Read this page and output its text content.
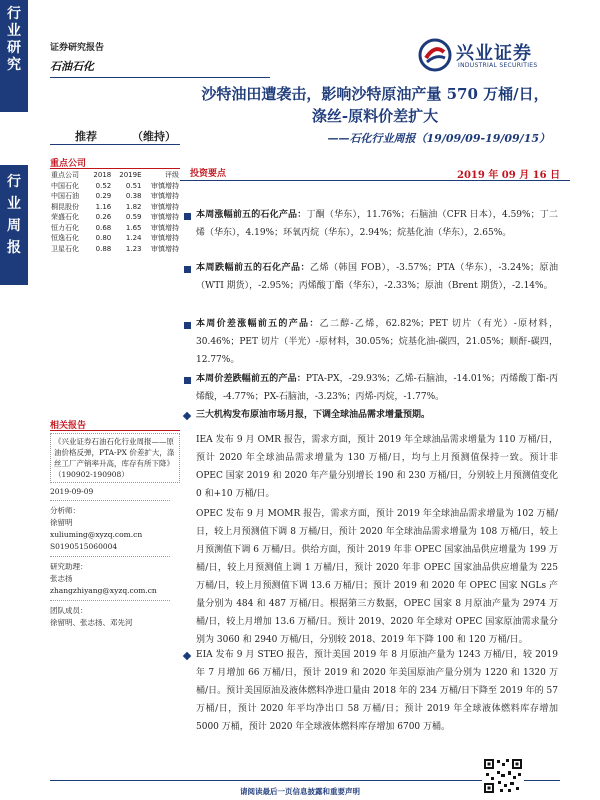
行
业
研
究
行
业
周
报
证券研究报告
石油石化
兴业证券
INDUSTRIAL SECURITIES
沙特油田遭袭击，影响沙特原油产量 570 万桶/日，
涤丝-原料价差扩大
——石化行业周报（19/09/09-19/09/15）
推荐	（维持）
2019 年 09 月 16 日
重点公司
重点公司	2018	2019E	评级
中国石化	0.52	0.51	审慎增持
中国石油	0.29	0.38	审慎增持
桐昆股份	1.16	1.82	审慎增持
荣盛石化	0.26	0.59	审慎增持
恒力石化	0.68	1.65	审慎增持
恒逸石化	0.80	1.24	审慎增持
卫星石化	0.88	1.23	审慎增持
相关报告
《兴业证券石油石化行业周报——原油价格反弹，PTA-PX 价差扩大，涤丝工厂产销率升高，库存有所下降》（190902-190908）
2019-09-09
分析师：
徐留明
xuliuming@xyzq.com.cn
S0190515060004
研究助理：
张志扬
zhangzhiyang@xyzq.com.cn
团队成员：
徐留明、张志扬、邓先河
投资要点
本周涨幅前五的石化产品：丁酮（华东），11.76%；石脑油（CFR 日本），4.59%；丁二烯（华东），4.19%；环氧丙烷（华东），2.94%；烷基化油（华东），2.65%。
本周跌幅前五的石化产品：乙烯（韩国 FOB），-3.57%；PTA（华东），-3.24%；原油（WTI 期货），-2.95%；丙烯酸丁酯（华东），-2.33%；原油（Brent 期货），-2.14%。
本周价差涨幅前五的产品：乙二醇-乙烯，62.82%；PET 切片（有光）-原材料，30.46%；PET 切片（半光）-原材料，30.05%；烷基化油-碳四，21.05%；顺酐-碳四，12.77%。
本周价差跌幅前五的产品：PTA-PX，-29.93%；乙烯-石脑油，-14.01%；丙烯酸丁酯-丙烯酸，-4.77%；PX-石脑油，-3.23%；丙烯-丙烷，-1.77%。
三大机构发布原油市场月报，下调全球油品需求增量预期。
IEA 发布 9 月 OMR 报告，需求方面，预计 2019 年全球油品需求增量为 110 万桶/日，预计 2020 年全球油品需求增量为 130 万桶/日，均与上月预测值保持一致。预计非 OPEC 国家 2019 和 2020 年产量分别增长 190 和 230 万桶/日，分别较上月预测值变化 0 和+10 万桶/日。
OPEC 发布 9 月 MOMR 报告，需求方面，预计 2019 年全球油品需求增量为 102 万桶/日，较上月预测值下调 8 万桶/日，预计 2020 年全球油品需求增量为 108 万桶/日，较上月预测值下调 6 万桶/日。供给方面，预计 2019 年非 OPEC 国家油品供应增量为 199 万桶/日，较上月预测值上调 1 万桶/日，预计 2020 年非 OPEC 国家油品供应增量为 225 万桶/日，较上月预测值下调 13.6 万桶/日；预计 2019 和 2020 年 OPEC 国家 NGLs 产量分别为 484 和 487 万桶/日。根据第三方数据，OPEC 国家 8 月原油产量为 2974 万桶/日，较上月增加 13.6 万桶/日。预计 2019、2020 年全球对 OPEC 国家原油需求量分别为 3060 和 2940 万桶/日，分别较 2018、2019 年下降 100 和 120 万桶/日。
EIA 发布 9 月 STEO 报告，预计美国 2019 年 8 月原油产量为 1243 万桶/日，较 2019 年 7 月增加 66 万桶/日，预计 2019 和 2020 年美国原油产量分别为 1220 和 1320 万桶/日。预计美国原油及液体燃料净进口量由 2018 年的 234 万桶/日下降至 2019 年的 57 万桶/日，预计 2020 年平均净出口 58 万桶/日；预计 2019 年全球液体燃料库存增加 5000 万桶，预计 2020 年全球液体燃料库存增加 6700 万桶。
请阅读最后一页信息披露和重要声明
